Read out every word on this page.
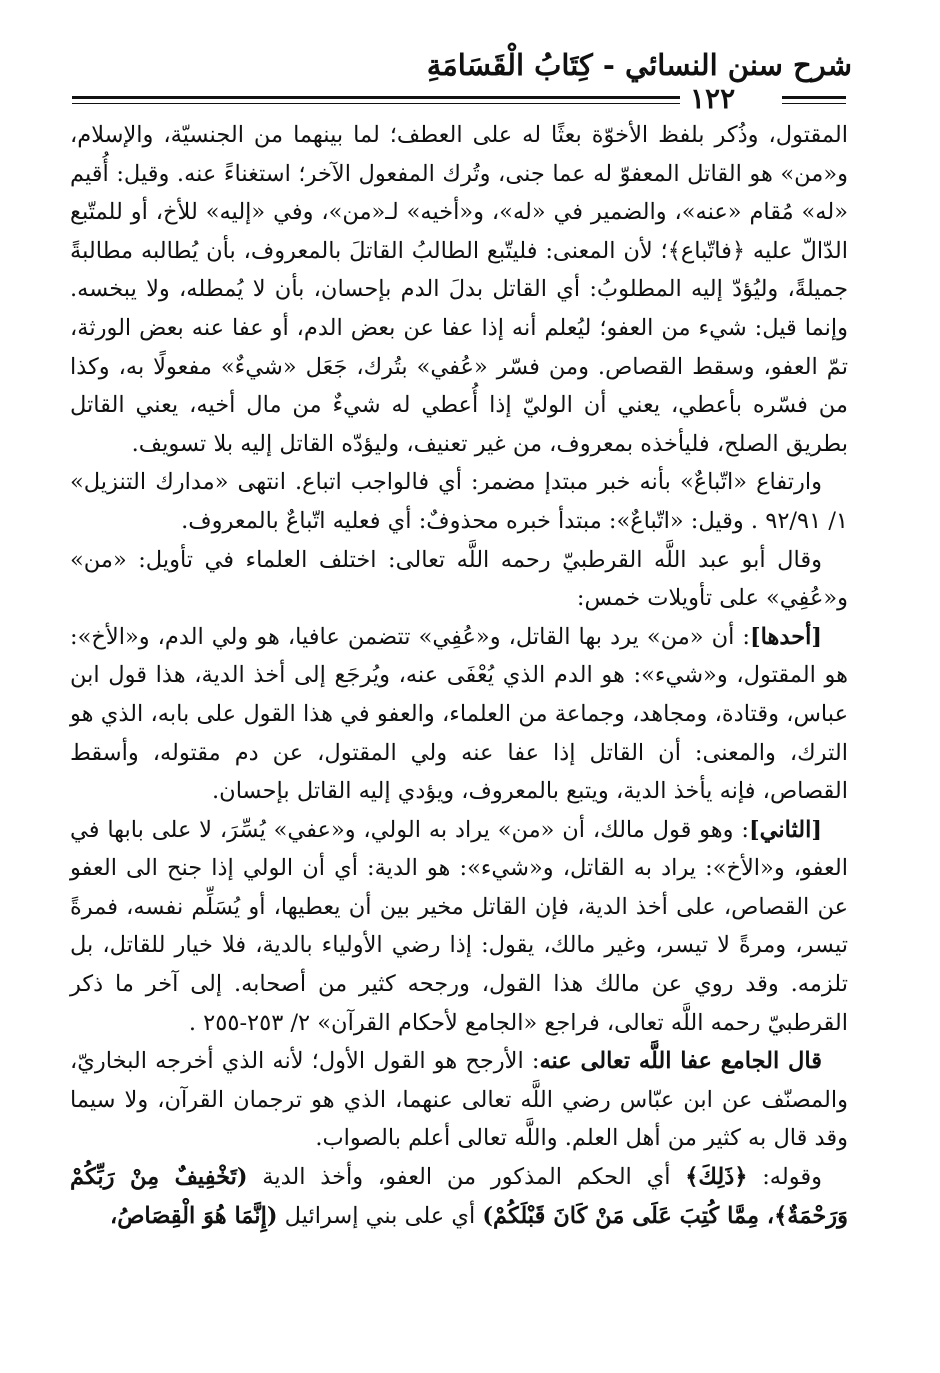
شرح سنن النسائي - كِتَابُ الْقَسَامَةِ
١٢٢

المقتول، وذُكر بلفظ الأخوّة بعثًا له على العطف؛ لما بينهما من الجنسيّة، والإسلام، و«من» هو القاتل المعفوّ له عما جنى، وتُرك المفعول الآخر؛ استغناءً عنه. وقيل: أُقيم «له» مُقام «عنه»، والضمير في «له»، و«أخيه» لـ«من»، وفي «إليه» للأخ، أو للمتّبع الدّالّ عليه ﴿فاتّباع﴾؛ لأن المعنى: فليتّبع الطالبُ القاتلَ بالمعروف، بأن يُطالبه مطالبةً جميلةً، وليُؤدّ إليه المطلوبُ: أي القاتل بدلَ الدم بإحسان، بأن لا يُمطله، ولا يبخسه. وإنما قيل: شيء من العفو؛ ليُعلم أنه إذا عفا عن بعض الدم، أو عفا عنه بعض الورثة، تمّ العفو، وسقط القصاص. ومن فسّر «عُفي» بتُرك، جَعَل «شيءٌ» مفعولًا به، وكذا من فسّره بأعطي، يعني أن الوليّ إذا أُعطي له شيءٌ من مال أخيه، يعني القاتل بطريق الصلح، فليأخذه بمعروف، من غير تعنيف، وليؤدّه القاتل إليه بلا تسويف.

وارتفاع «اتّباعٌ» بأنه خبر مبتدإ مضمر: أي فالواجب اتباع. انتهى «مدارك التنزيل» ١/ ٩٢/٩١ . وقيل: «اتّباعٌ»: مبتدأ خبره محذوفٌ: أي فعليه اتّباعٌ بالمعروف.

وقال أبو عبد اللَّه القرطبيّ رحمه اللَّه تعالى: اختلف العلماء في تأويل: «من» و«عُفِي» على تأويلات خمس:

[أحدها]: أن «من» يرد بها القاتل، و«عُفِي» تتضمن عافيا، هو ولي الدم، و«الأخ»: هو المقتول، و«شيء»: هو الدم الذي يُعْفَى عنه، ويُرجَع إلى أخذ الدية، هذا قول ابن عباس، وقتادة، ومجاهد، وجماعة من العلماء، والعفو في هذا القول على بابه، الذي هو الترك، والمعنى: أن القاتل إذا عفا عنه ولي المقتول، عن دم مقتوله، وأسقط القصاص، فإنه يأخذ الدية، ويتبع بالمعروف، ويؤدي إليه القاتل بإحسان.

[الثاني]: وهو قول مالك، أن «من» يراد به الولي، و«عفي» يُسِّرَ، لا على بابها في العفو، و«الأخ»: يراد به القاتل، و«شيء»: هو الدية: أي أن الولي إذا جنح الى العفو عن القصاص، على أخذ الدية، فإن القاتل مخير بين أن يعطيها، أو يُسَلِّم نفسه، فمرةً تيسر، ومرةً لا تيسر، وغير مالك، يقول: إذا رضي الأولياء بالدية، فلا خيار للقاتل، بل تلزمه. وقد روي عن مالك هذا القول، ورجحه كثير من أصحابه. إلى آخر ما ذكر القرطبيّ رحمه اللَّه تعالى، فراجع «الجامع لأحكام القرآن» ٢/ ٢٥٣-٢٥٥ .

قال الجامع عفا اللَّه تعالى عنه: الأرجح هو القول الأول؛ لأنه الذي أخرجه البخاريّ، والمصنّف عن ابن عبّاس رضي اللَّه تعالى عنهما، الذي هو ترجمان القرآن، ولا سيما وقد قال به كثير من أهل العلم. واللَّه تعالى أعلم بالصواب.

وقوله: ﴿ذَلِكَ﴾ أي الحكم المذكور من العفو، وأخذ الدية (تَخْفِيفٌ مِنْ رَبِّكُمْ وَرَحْمَةٌ﴾، مِمَّا كُتِبَ عَلَى مَنْ كَانَ قَبْلَكُمْ) أي على بني إسرائيل (إِنَّمَا هُوَ الْقِصَاصُ،
